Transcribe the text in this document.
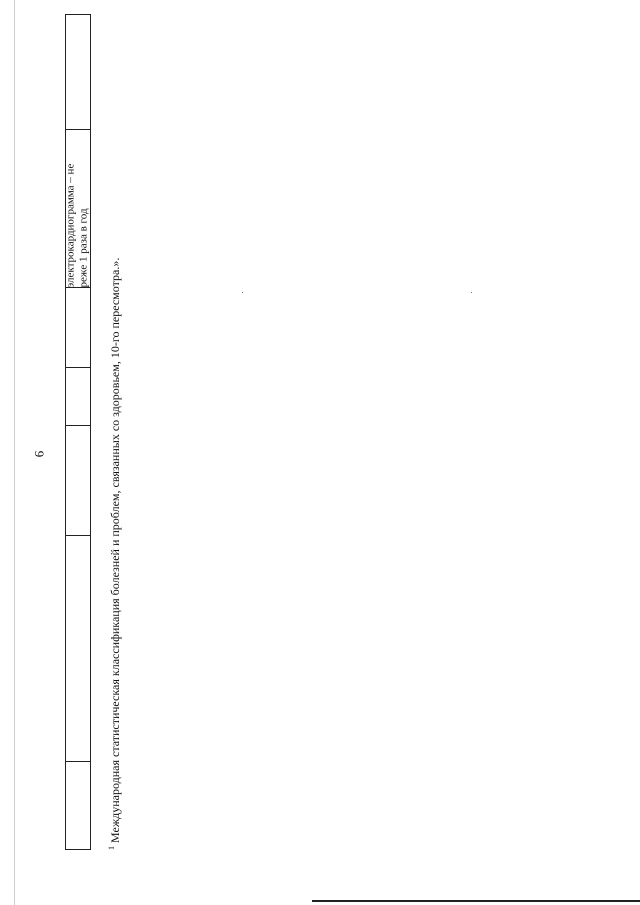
9
электрокардиограмма – не реже 1 раза в год
$^1$ Международная статистическая классификация болезней и проблем, связанных со здоровьем, 10-го пересмотра.».
